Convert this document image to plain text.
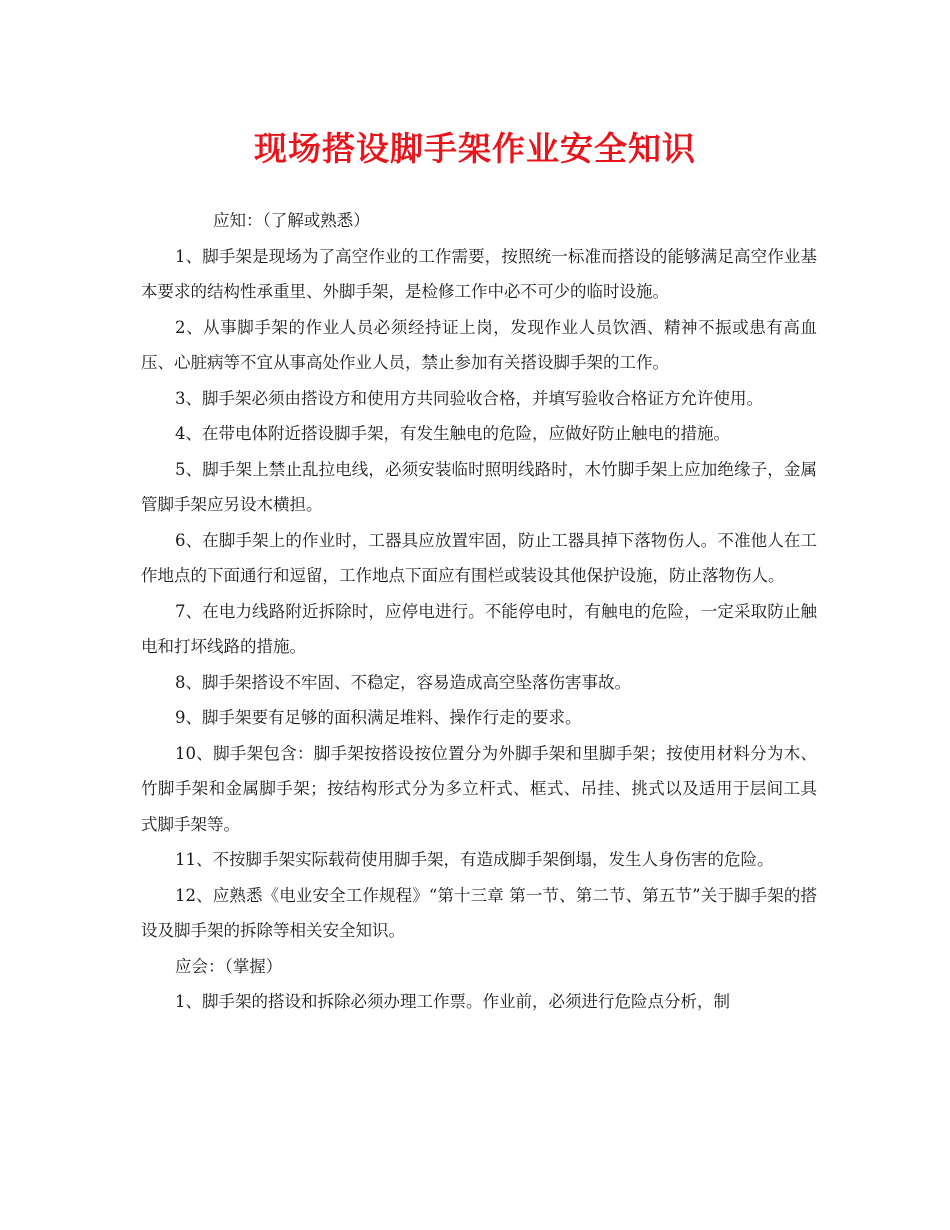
现场搭设脚手架作业安全知识

应知：（了解或熟悉）

1、脚手架是现场为了高空作业的工作需要，按照统一标准而搭设的能够满足高空作业基本要求的结构性承重里、外脚手架，是检修工作中必不可少的临时设施。

2、从事脚手架的作业人员必须经持证上岗，发现作业人员饮酒、精神不振或患有高血压、心脏病等不宜从事高处作业人员，禁止参加有关搭设脚手架的工作。

3、脚手架必须由搭设方和使用方共同验收合格，并填写验收合格证方允许使用。

4、在带电体附近搭设脚手架，有发生触电的危险，应做好防止触电的措施。

5、脚手架上禁止乱拉电线，必须安装临时照明线路时，木竹脚手架上应加绝缘子，金属管脚手架应另设木横担。

6、在脚手架上的作业时，工器具应放置牢固，防止工器具掉下落物伤人。不准他人在工作地点的下面通行和逗留，工作地点下面应有围栏或装设其他保护设施，防止落物伤人。

7、在电力线路附近拆除时，应停电进行。不能停电时，有触电的危险，一定采取防止触电和打坏线路的措施。

8、脚手架搭设不牢固、不稳定，容易造成高空坠落伤害事故。

9、脚手架要有足够的面积满足堆料、操作行走的要求。

10、脚手架包含：脚手架按搭设按位置分为外脚手架和里脚手架；按使用材料分为木、竹脚手架和金属脚手架；按结构形式分为多立杆式、框式、吊挂、挑式以及适用于层间工具式脚手架等。

11、不按脚手架实际载荷使用脚手架，有造成脚手架倒塌，发生人身伤害的危险。

12、应熟悉《电业安全工作规程》“第十三章 第一节、第二节、第五节”关于脚手架的搭设及脚手架的拆除等相关安全知识。

应会：（掌握）

1、脚手架的搭设和拆除必须办理工作票。作业前，必须进行危险点分析，制
